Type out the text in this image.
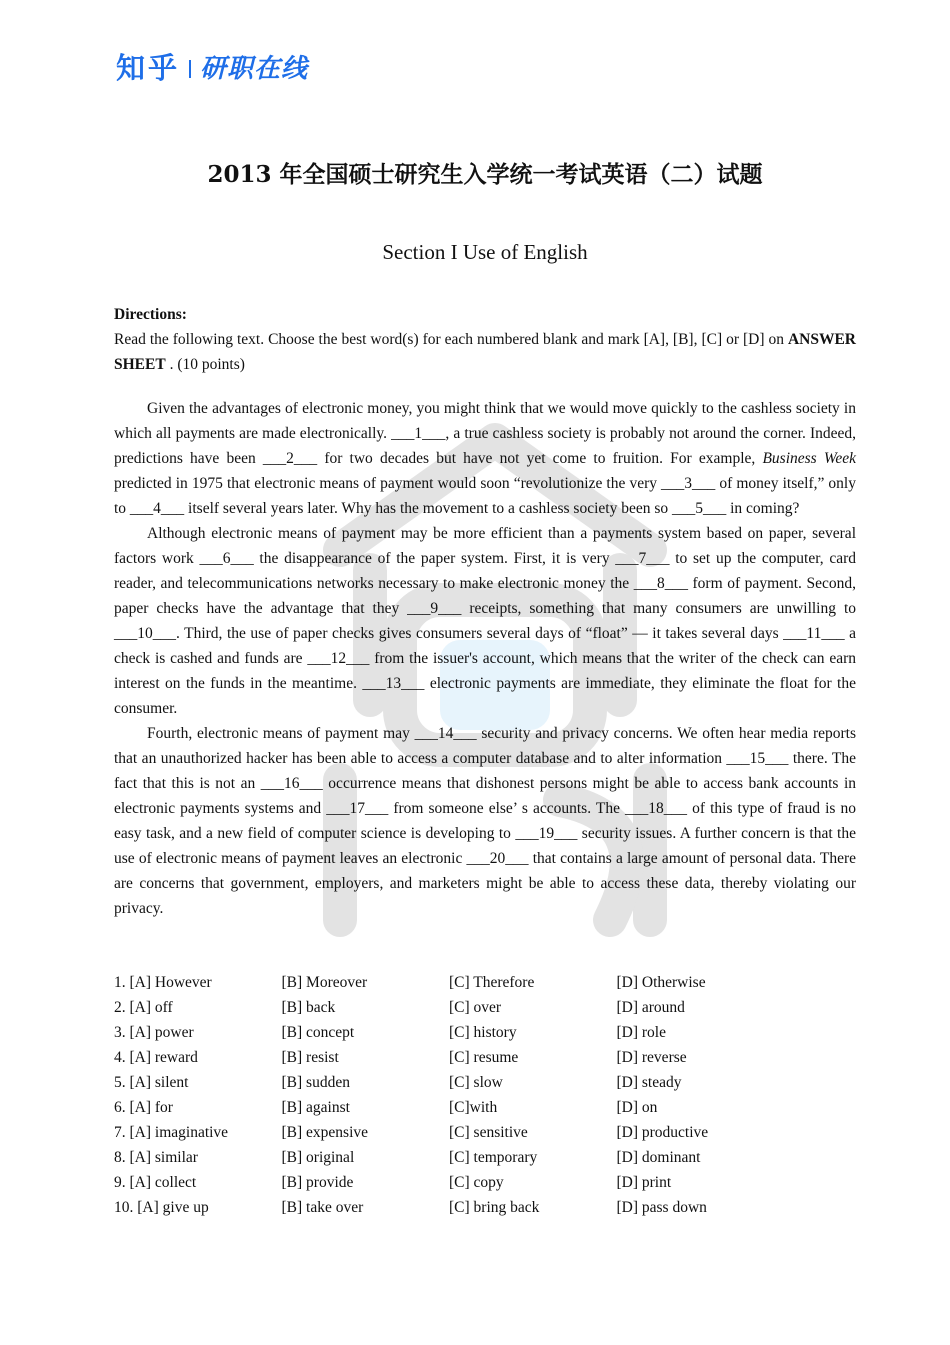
知乎 研职在线
2013 年全国硕士研究生入学统一考试英语（二）试题
Section I Use of English
Directions:

Read the following text. Choose the best word(s) for each numbered blank and mark [A], [B], [C] or [D] on ANSWER SHEET . (10 points)

Given the advantages of electronic money, you might think that we would move quickly to the cashless society in which all payments are made electronically. ___1___, a true cashless society is probably not around the corner. Indeed, predictions have been ___2___ for two decades but have not yet come to fruition. For example, Business Week predicted in 1975 that electronic means of payment would soon “revolutionize the very ___3___ of money itself,” only to ___4___ itself several years later. Why has the movement to a cashless society been so ___5___ in coming?

Although electronic means of payment may be more efficient than a payments system based on paper, several factors work ___6___ the disappearance of the paper system. First, it is very ___7___ to set up the computer, card reader, and telecommunications networks necessary to make electronic money the ___8___ form of payment. Second, paper checks have the advantage that they ___9___ receipts, something that many consumers are unwilling to ___10___. Third, the use of paper checks gives consumers several days of “float” — it takes several days ___11___ a check is cashed and funds are ___12___ from the issuer's account, which means that the writer of the check can earn interest on the funds in the meantime. ___13___ electronic payments are immediate, they eliminate the float for the consumer.

Fourth, electronic means of payment may ___14___ security and privacy concerns. We often hear media reports that an unauthorized hacker has been able to access a computer database and to alter information ___15___ there. The fact that this is not an ___16___ occurrence means that dishonest persons might be able to access bank accounts in electronic payments systems and ___17___ from someone else’ s accounts. The ___18___ of this type of fraud is no easy task, and a new field of computer science is developing to ___19___ security issues. A further concern is that the use of electronic means of payment leaves an electronic ___20___ that contains a large amount of personal data. There are concerns that government, employers, and marketers might be able to access these data, thereby violating our privacy.

1. [A] However	[B] Moreover	[C] Therefore	[D] Otherwise
2. [A] off	[B] back	[C] over	[D] around
3. [A] power	[B] concept	[C] history	[D] role
4. [A] reward	[B] resist	[C] resume	[D] reverse
5. [A] silent	[B] sudden	[C] slow	[D] steady
6. [A] for	[B] against	[C]with	[D] on
7. [A] imaginative	[B] expensive	[C] sensitive	[D] productive
8. [A] similar	[B] original	[C] temporary	[D] dominant
9. [A] collect	[B] provide	[C] copy	[D] print
10. [A] give up	[B] take over	[C] bring back	[D] pass down
